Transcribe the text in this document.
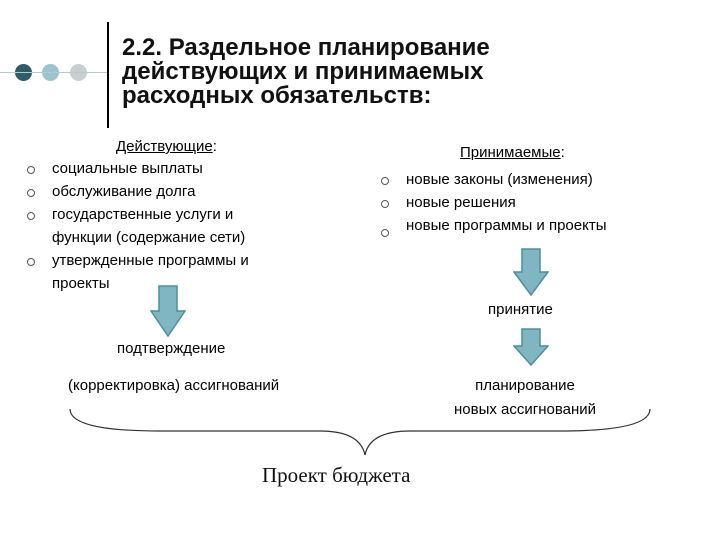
2.2. Раздельное планирование
действующих и принимаемых
расходных обязательств:
Действующие:
социальные выплаты
обслуживание долга
государственные услуги и
функции (содержание сети)
утвержденные программы и
проекты
Принимаемые:
новые законы (изменения)
новые решения
новые программы и проекты
принятие
подтверждение
(корректировка) ассигнований	планирование
новых ассигнований
Проект бюджета
